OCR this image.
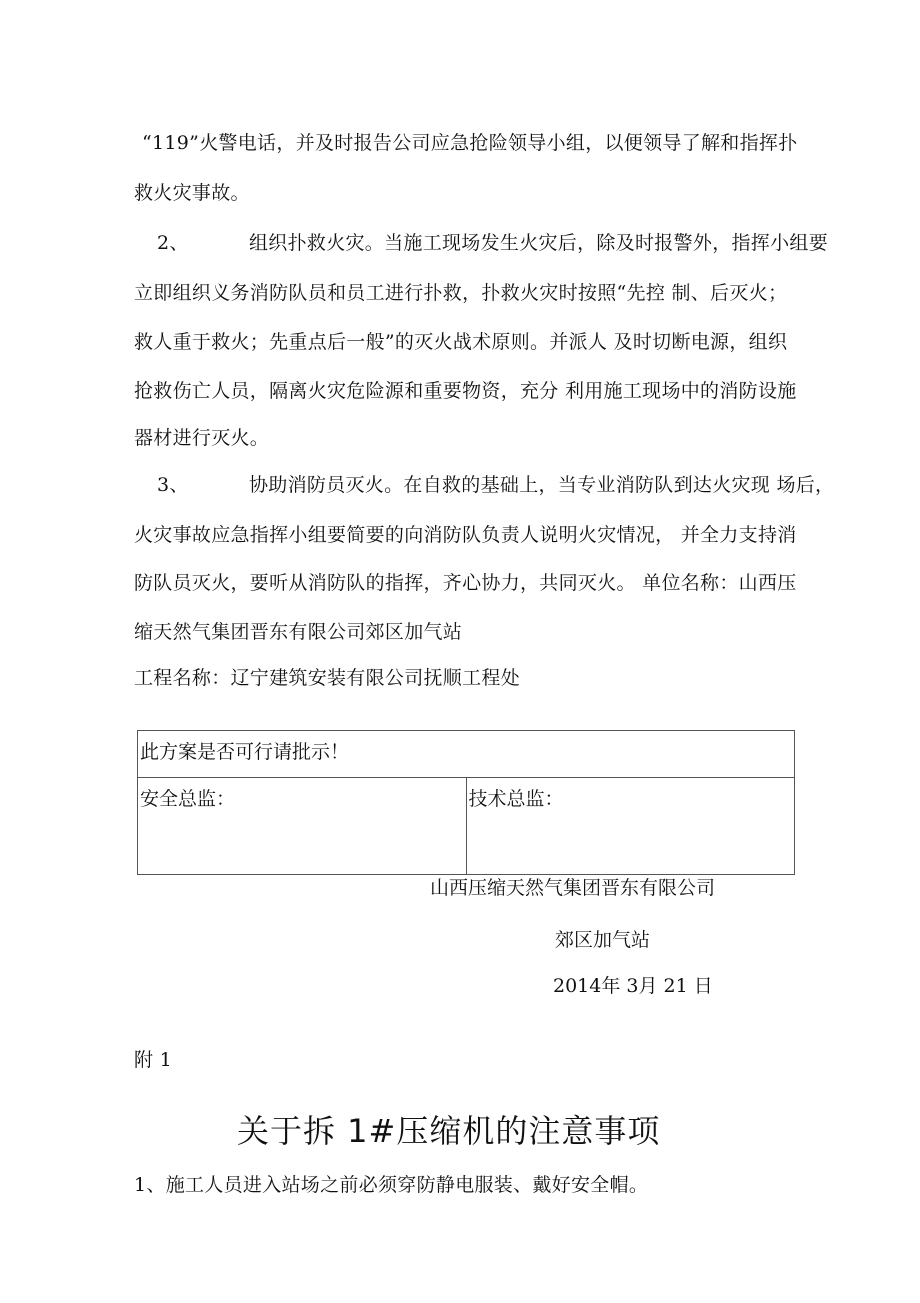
“119”火警电话，并及时报告公司应急抢险领导小组，以便领导了解和指挥扑
救火灾事故。
2、	组织扑救火灾。当施工现场发生火灾后，除及时报警外，指挥小组要
立即组织义务消防队员和员工进行扑救，扑救火灾时按照“先控 制、后灭火；
救人重于救火；先重点后一般”的灭火战术原则。并派人 及时切断电源，组织
抢救伤亡人员，隔离火灾危险源和重要物资，充分 利用施工现场中的消防设施
器材进行灭火。
3、	协助消防员灭火。在自救的基础上，当专业消防队到达火灾现 场后，
火灾事故应急指挥小组要简要的向消防队负责人说明火灾情况， 并全力支持消
防队员灭火，要听从消防队的指挥，齐心协力，共同灭火。 单位名称：山西压
缩天然气集团晋东有限公司郊区加气站
工程名称：辽宁建筑安装有限公司抚顺工程处
此方案是否可行请批示！
安全总监：	技术总监：
山西压缩天然气集团晋东有限公司
郊区加气站
2014年 3月 21 日
附 1
关于拆 1#压缩机的注意事项
1、施工人员进入站场之前必须穿防静电服装、戴好安全帽。
